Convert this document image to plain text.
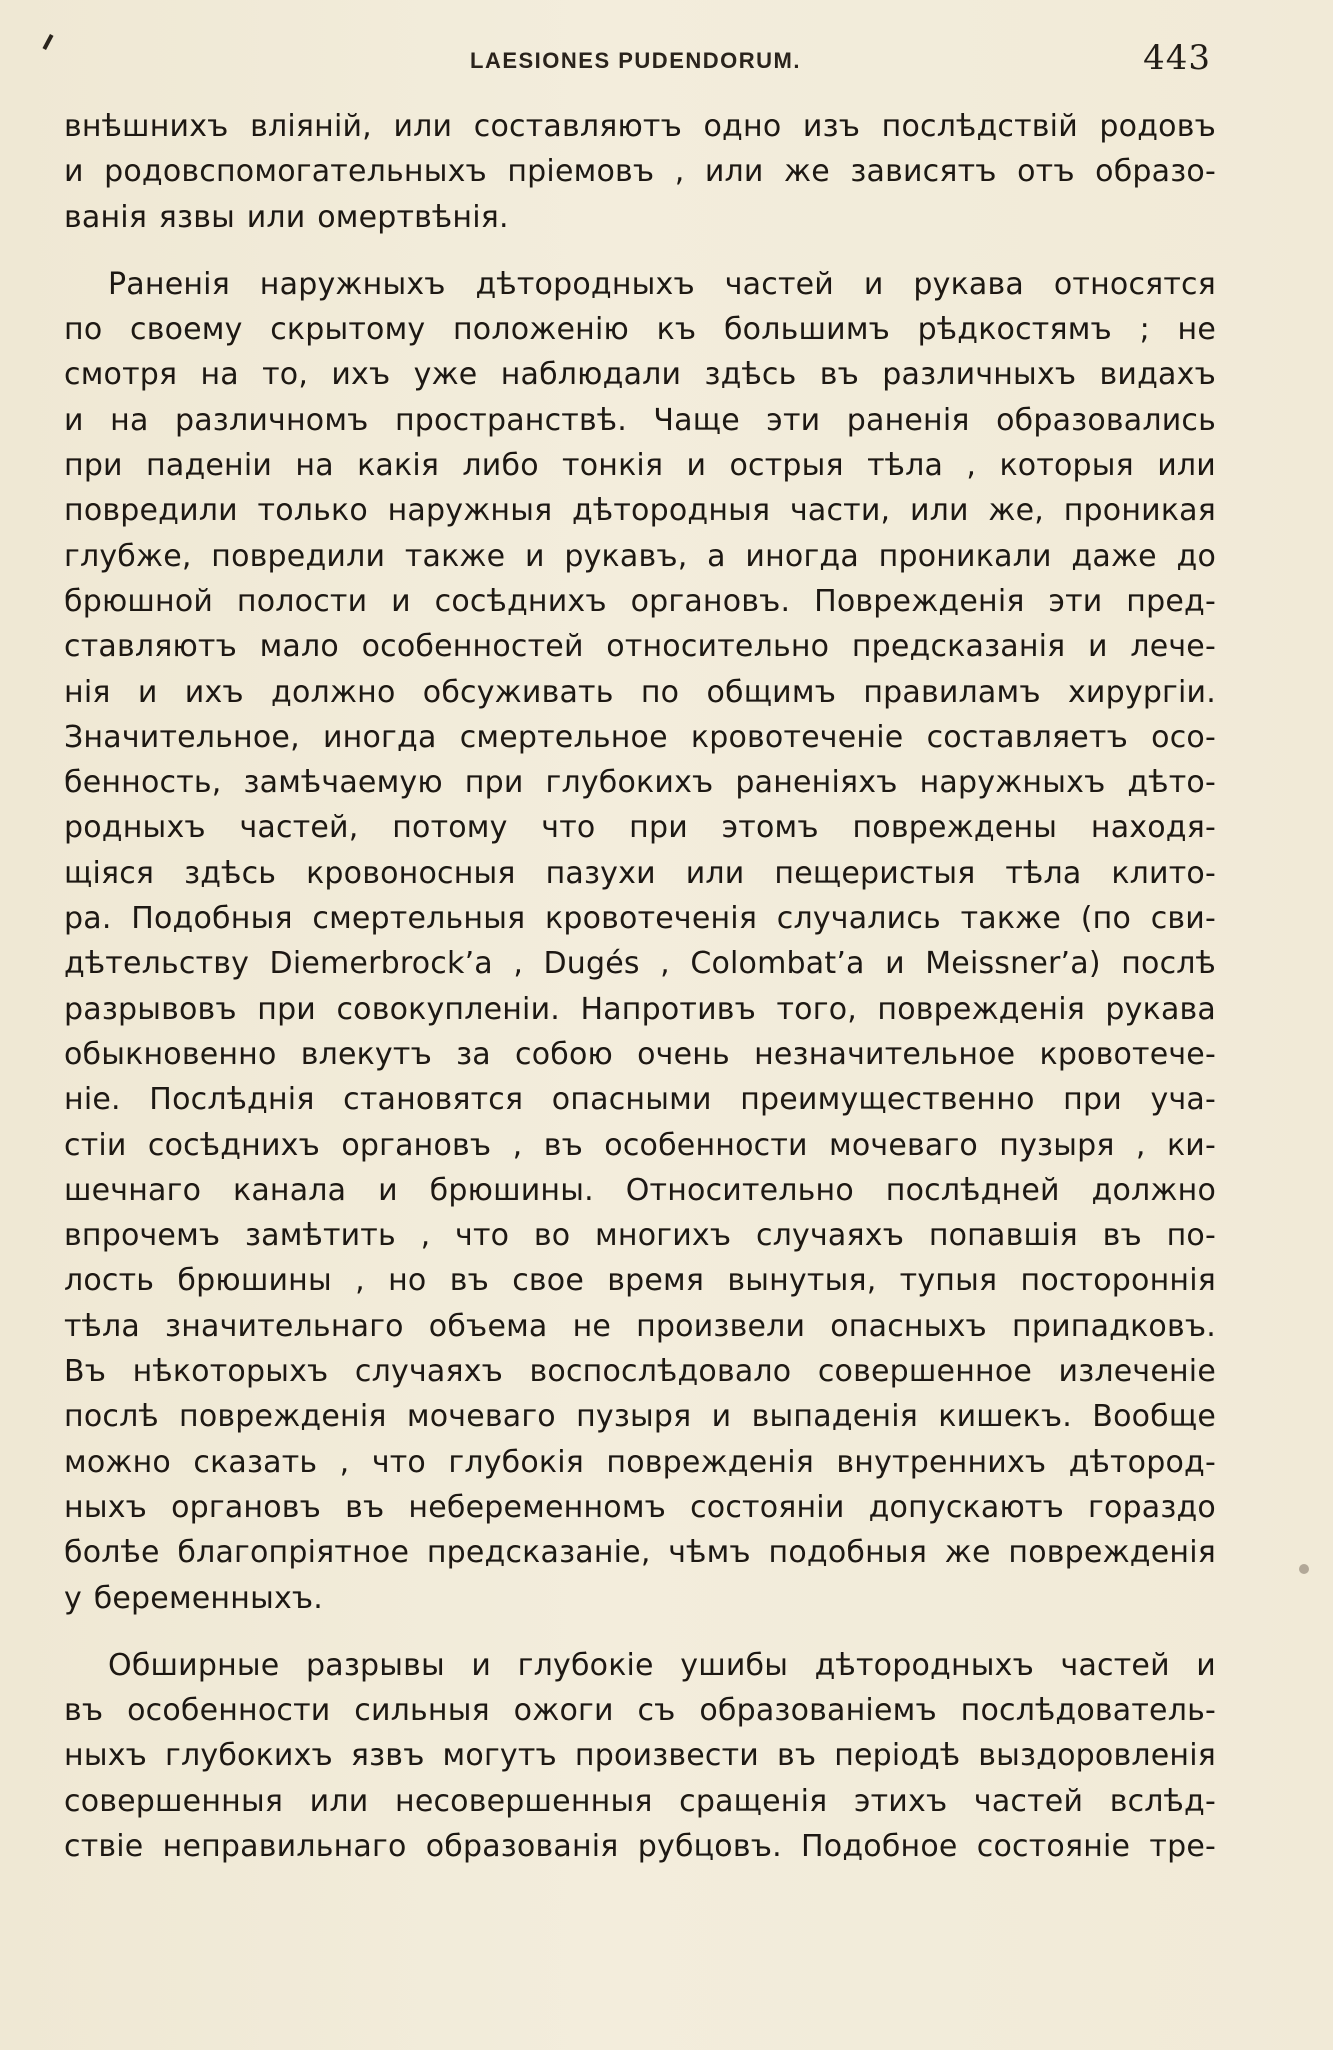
LAESIONES PUDENDORUM.	443

внѣшнихъ вліяній, или составляютъ одно изъ послѣдствій родовъ
и родовспомогательныхъ пріемовъ , или же зависятъ отъ образо-
ванія язвы или омертвѣнія.

Раненія наружныхъ дѣтородныхъ частей и рукава относятся
по своему скрытому положенію къ большимъ рѣдкостямъ ; не
смотря на то, ихъ уже наблюдали здѣсь въ различныхъ видахъ
и на различномъ пространствѣ. Чаще эти раненія образовались
при паденіи на какія либо тонкія и острыя тѣла , которыя или
повредили только наружныя дѣтородныя части, или же, проникая
глубже, повредили также и рукавъ, а иногда проникали даже до
брюшной полости и сосѣднихъ органовъ. Поврежденія эти пред-
ставляютъ мало особенностей относительно предсказанія и лече-
нія и ихъ должно обсуживать по общимъ правиламъ хирургіи.
Значительное, иногда смертельное кровотеченіе составляетъ осо-
бенность, замѣчаемую при глубокихъ раненіяхъ наружныхъ дѣто-
родныхъ частей, потому что при этомъ повреждены находя-
щіяся здѣсь кровоносныя пазухи или пещеристыя тѣла клито-
ра. Подобныя смертельныя кровотеченія случались также (по сви-
дѣтельству Diemerbrock’a , Dugés , Colombat’a и Meissner’a) послѣ
разрывовъ при совокупленіи. Напротивъ того, поврежденія рукава
обыкновенно влекутъ за собою очень незначительное кровотече-
ніе. Послѣднія становятся опасными преимущественно при уча-
стіи сосѣднихъ органовъ , въ особенности мочеваго пузыря , ки-
шечнаго канала и брюшины. Относительно послѣдней должно
впрочемъ замѣтить , что во многихъ случаяхъ попавшія въ по-
лость брюшины , но въ свое время вынутыя, тупыя постороннія
тѣла значительнаго объема не произвели опасныхъ припадковъ.
Въ нѣкоторыхъ случаяхъ воспослѣдовало совершенное излеченіе
послѣ поврежденія мочеваго пузыря и выпаденія кишекъ. Вообще
можно сказать , что глубокія поврежденія внутреннихъ дѣтород-
ныхъ органовъ въ небеременномъ состояніи допускаютъ гораздо
болѣе благопріятное предсказаніе, чѣмъ подобныя же поврежденія
у беременныхъ.

Обширные разрывы и глубокіе ушибы дѣтородныхъ частей и
въ особенности сильныя ожоги съ образованіемъ послѣдователь-
ныхъ глубокихъ язвъ могутъ произвести въ періодѣ выздоровленія
совершенныя или несовершенныя сращенія этихъ частей вслѣд-
ствіе неправильнаго образованія рубцовъ. Подобное состояніе тре-
